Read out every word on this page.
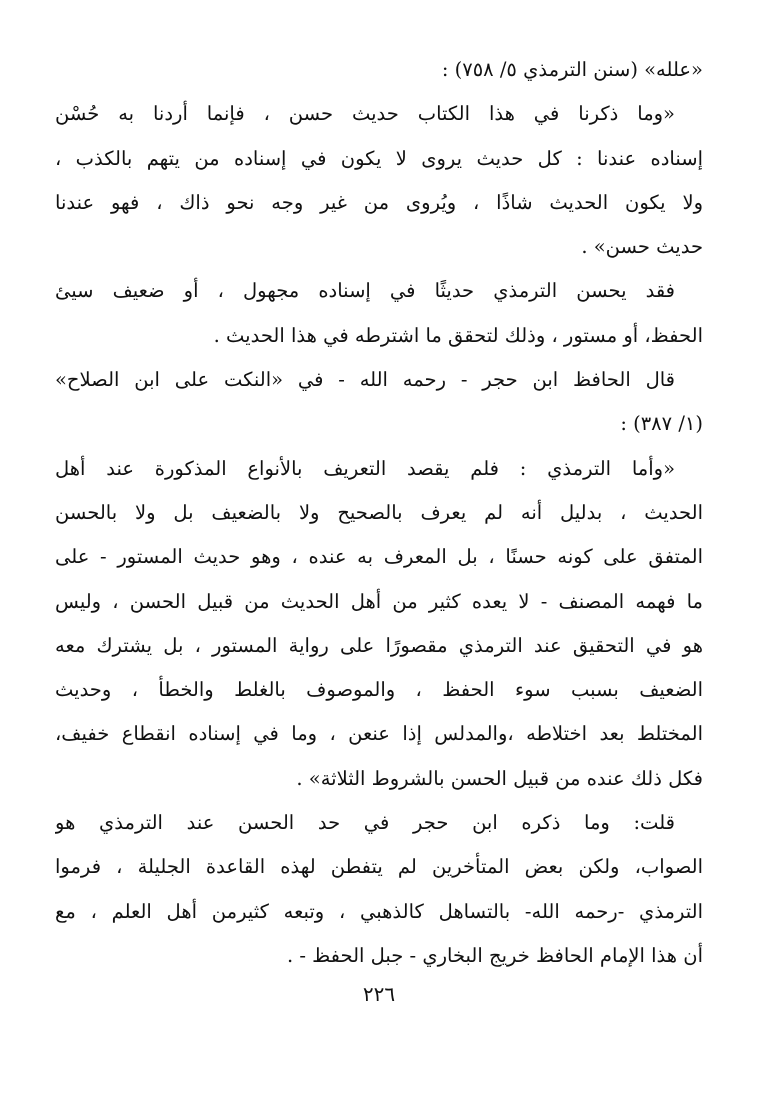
«علله» (سنن الترمذي ٥/ ٧٥٨) :
«وما ذكرنا في هذا الكتاب حديث حسن ، فإنما أردنا به حُسْن
إسناده عندنا : كل حديث يروى لا يكون في إسناده من يتهم بالكذب ،
ولا يكون الحديث شاذًا ، ويُروى من غير وجه نحو ذاك ، فهو عندنا
حديث حسن» .
فقد يحسن الترمذي حديثًا في إسناده مجهول ، أو ضعيف سيئ
الحفظ، أو مستور ، وذلك لتحقق ما اشترطه في هذا الحديث .
قال الحافظ ابن حجر - رحمه الله - في «النكت على ابن الصلاح»
(١/ ٣٨٧) :
«وأما الترمذي : فلم يقصد التعريف بالأنواع المذكورة عند أهل
الحديث ، بدليل أنه لم يعرف بالصحيح ولا بالضعيف بل ولا بالحسن
المتفق على كونه حسنًا ، بل المعرف به عنده ، وهو حديث المستور - على
ما فهمه المصنف - لا يعده كثير من أهل الحديث من قبيل الحسن ، وليس
هو في التحقيق عند الترمذي مقصورًا على رواية المستور ، بل يشترك معه
الضعيف بسبب سوء الحفظ ، والموصوف بالغلط والخطأ ، وحديث
المختلط بعد اختلاطه ،والمدلس إذا عنعن ، وما في إسناده انقطاع خفيف،
فكل ذلك عنده من قبيل الحسن بالشروط الثلاثة» .
قلت: وما ذكره ابن حجر في حد الحسن عند الترمذي هو
الصواب، ولكن بعض المتأخرين لم يتفطن لهذه القاعدة الجليلة ، فرموا
الترمذي -رحمه الله- بالتساهل كالذهبي ، وتبعه كثيرمن أهل العلم ، مع
أن هذا الإمام الحافظ خريج البخاري - جبل الحفظ - .
٢٢٦
